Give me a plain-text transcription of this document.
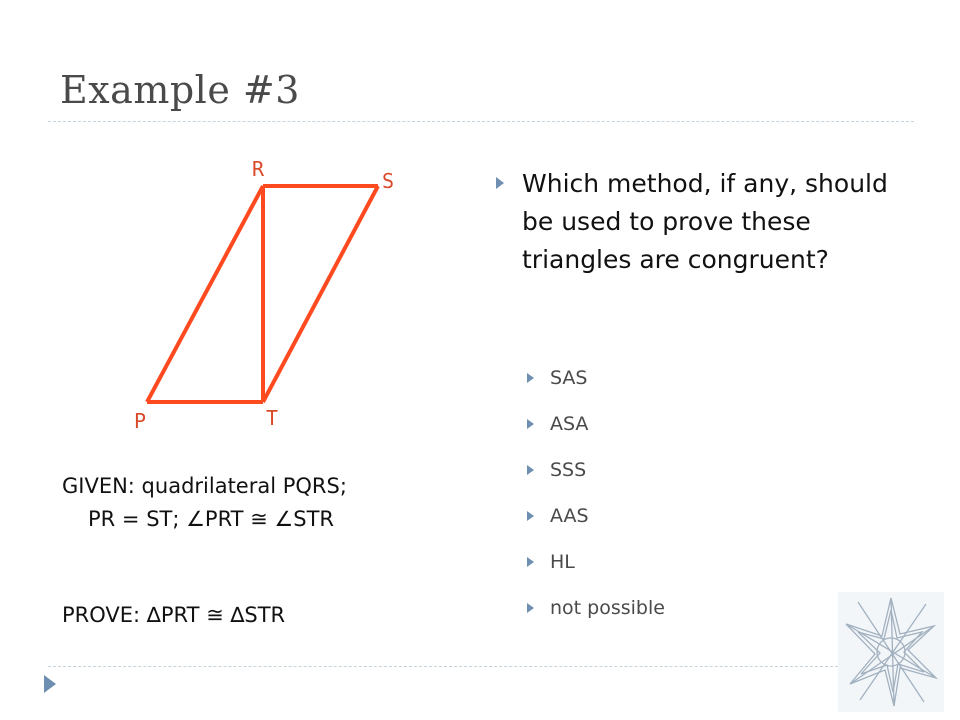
Example #3
R	S
P	T
GIVEN: quadrilateral PQRS;
PR = ST; ∠PRT ≅ ∠STR
PROVE: ∆PRT ≅ ∆STR
Which method, if any, should be used to prove these triangles are congruent?
SAS
ASA
SSS
AAS
HL
not possible
